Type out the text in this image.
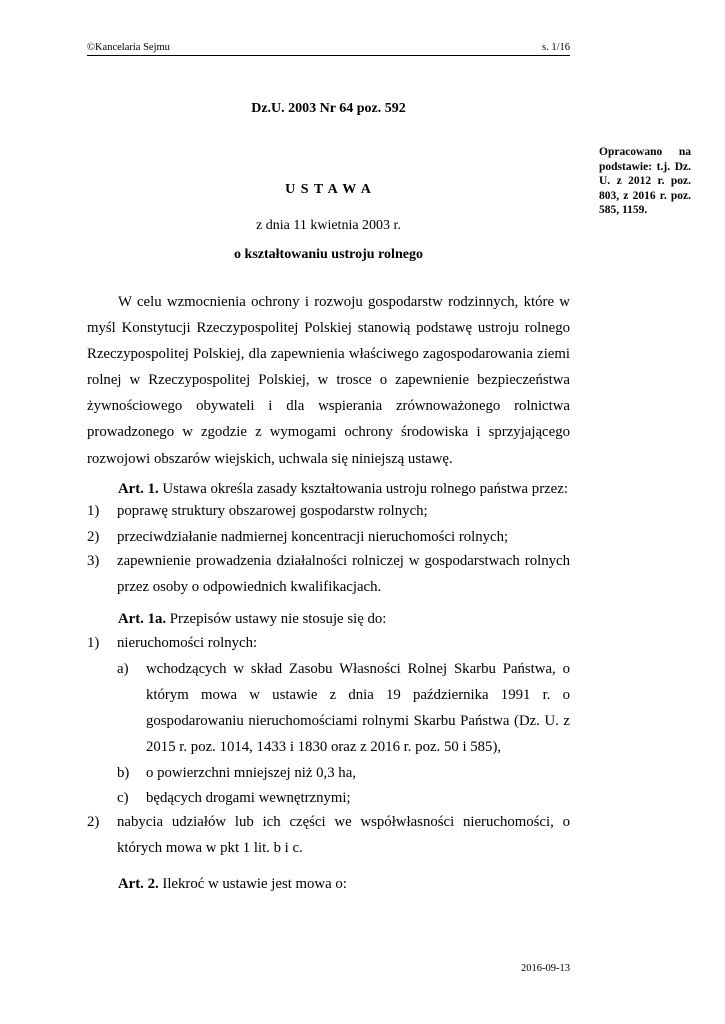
©Kancelaria Sejmu	s. 1/16
Dz.U. 2003 Nr 64 poz. 592
Opracowano na podstawie: t.j. Dz. U. z 2012 r. poz. 803, z 2016 r. poz. 585, 1159.
U S T A W A
z dnia 11 kwietnia 2003 r.
o kształtowaniu ustroju rolnego
W celu wzmocnienia ochrony i rozwoju gospodarstw rodzinnych, które w myśl Konstytucji Rzeczypospolitej Polskiej stanowią podstawę ustroju rolnego Rzeczypospolitej Polskiej, dla zapewnienia właściwego zagospodarowania ziemi rolnej w Rzeczypospolitej Polskiej, w trosce o zapewnienie bezpieczeństwa żywnościowego obywateli i dla wspierania zrównoważonego rolnictwa prowadzonego w zgodzie z wymogami ochrony środowiska i sprzyjającego rozwojowi obszarów wiejskich, uchwala się niniejszą ustawę.
Art. 1. Ustawa określa zasady kształtowania ustroju rolnego państwa przez:
1) poprawę struktury obszarowej gospodarstw rolnych;
2) przeciwdziałanie nadmiernej koncentracji nieruchomości rolnych;
3) zapewnienie prowadzenia działalności rolniczej w gospodarstwach rolnych przez osoby o odpowiednich kwalifikacjach.
Art. 1a. Przepisów ustawy nie stosuje się do:
1) nieruchomości rolnych:
a) wchodzących w skład Zasobu Własności Rolnej Skarbu Państwa, o którym mowa w ustawie z dnia 19 października 1991 r. o gospodarowaniu nieruchomościami rolnymi Skarbu Państwa (Dz. U. z 2015 r. poz. 1014, 1433 i 1830 oraz z 2016 r. poz. 50 i 585),
b) o powierzchni mniejszej niż 0,3 ha,
c) będących drogami wewnętrznymi;
2) nabycia udziałów lub ich części we współwłasności nieruchomości, o których mowa w pkt 1 lit. b i c.
Art. 2. Ilekroć w ustawie jest mowa o:
2016-09-13
